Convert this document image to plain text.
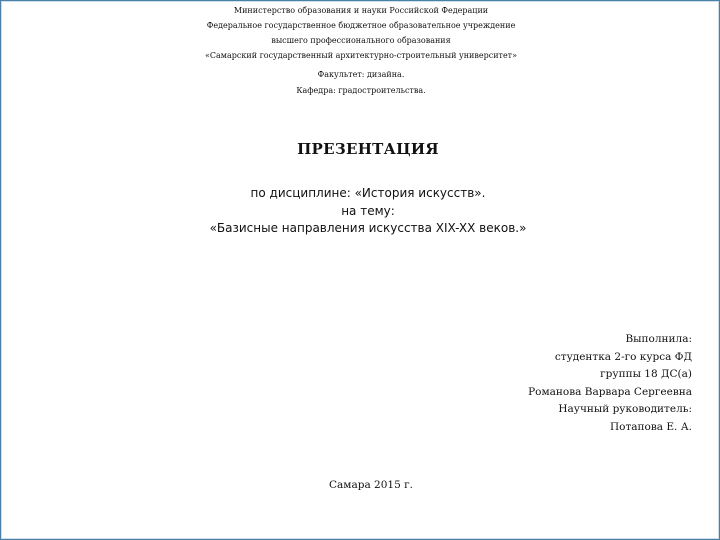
Министерство образования и науки Российской Федерации
Федеральное государственное бюджетное образовательное учреждение
высшего профессионального образования
«Самарский государственный архитектурно-строительный университет»
Факультет: дизайна.
Кафедра: градостроительства.
ПРЕЗЕНТАЦИЯ
по дисциплине: «История искусств».
на тему:
«Базисные направления искусства XIX-XX веков.»
Выполнила:
студентка 2-го курса ФД
группы 18 ДС(а)
Романова Варвара Сергеевна
Научный руководитель:
Потапова Е. А.
Самара 2015 г.
